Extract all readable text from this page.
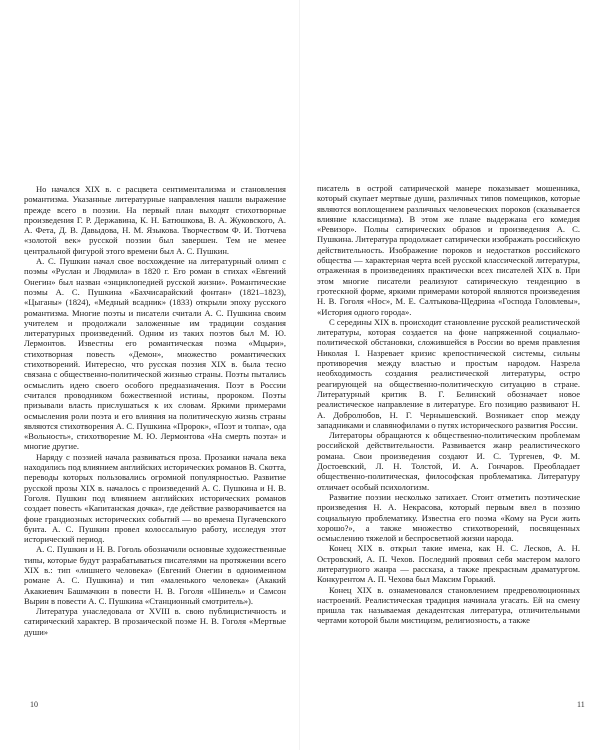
Но начался XIX в. с расцвета сентиментализма и становления романтизма. Указанные литературные направления нашли выражение прежде всего в поэзии. На первый план выходят стихотворные произведения Г. Р. Державина, К. Н. Батюшкова, В. А. Жуковского, А. А. Фета, Д. В. Давыдова, Н. М. Языкова. Творчеством Ф. И. Тютчева «золотой век» русской поэзии был завершен. Тем не менее центральной фигурой этого времени был А. С. Пушкин.

А. С. Пушкин начал свое восхождение на литературный олимп с поэмы «Руслан и Людмила» в 1820 г. Его роман в стихах «Евгений Онегин» был назван «энциклопедией русской жизни». Романтические поэмы А. С. Пушкина «Бахчисарайский фонтан» (1821–1823), «Цыганы» (1824), «Медный всадник» (1833) открыли эпоху русского романтизма. Многие поэты и писатели считали А. С. Пушкина своим учителем и продолжали заложенные им традиции создания литературных произведений. Одним из таких поэтов был М. Ю. Лермонтов. Известны его романтическая поэма «Мцыри», стихотворная повесть «Демон», множество романтических стихотворений. Интересно, что русская поэзия XIX в. была тесно связана с общественно-политической жизнью страны. Поэты пытались осмыслить идею своего особого предназначения. Поэт в России считался проводником божественной истины, пророком. Поэты призывали власть прислушаться к их словам. Яркими примерами осмысления роли поэта и его влияния на политическую жизнь страны являются стихотворения А. С. Пушкина «Пророк», «Поэт и толпа», ода «Вольность», стихотворение М. Ю. Лермонтова «На смерть поэта» и многие другие.

Наряду с поэзией начала развиваться проза. Прозаики начала века находились под влиянием английских исторических романов В. Скотта, переводы которых пользовались огромной популярностью. Развитие русской прозы XIX в. началось с произведений А. С. Пушкина и Н. В. Гоголя. Пушкин под влиянием английских исторических романов создает повесть «Капитанская дочка», где действие разворачивается на фоне грандиозных исторических событий — во времена Пугачевского бунта. А. С. Пушкин провел колоссальную работу, исследуя этот исторический период.

А. С. Пушкин и Н. В. Гоголь обозначили основные художественные типы, которые будут разрабатываться писателями на протяжении всего XIX в.: тип «лишнего человека» (Евгений Онегин в одноименном романе А. С. Пушкина) и тип «маленького человека» (Акакий Акакиевич Башмачкин в повести Н. В. Гоголя «Шинель» и Самсон Вырин в повести А. С. Пушкина «Станционный смотритель»).

Литература унаследовала от XVIII в. свою публицистичность и сатирический характер. В прозаической поэме Н. В. Гоголя «Мертвые души»

10

писатель в острой сатирической манере показывает мошенника, который скупает мертвые души, различных типов помещиков, которые являются воплощением различных человеческих пороков (сказывается влияние классицизма). В этом же плане выдержана его комедия «Ревизор». Полны сатирических образов и произведения А. С. Пушкина. Литература продолжает сатирически изображать российскую действительность. Изображение пороков и недостатков российского общества — характерная черта всей русской классической литературы, отраженная в произведениях практически всех писателей XIX в. При этом многие писатели реализуют сатирическую тенденцию в гротескной форме, яркими примерами которой являются произведения Н. В. Гоголя «Нос», М. Е. Салтыкова-Щедрина «Господа Головлевы», «История одного города».

С середины XIX в. происходит становление русской реалистической литературы, которая создается на фоне напряженной социально-политической обстановки, сложившейся в России во время правления Николая I. Назревает кризис крепостнической системы, сильны противоречия между властью и простым народом. Назрела необходимость создания реалистической литературы, остро реагирующей на общественно-политическую ситуацию в стране. Литературный критик В. Г. Белинский обозначает новое реалистическое направление в литературе. Его позицию развивают Н. А. Добролюбов, Н. Г. Чернышевский. Возникает спор между западниками и славянофилами о путях исторического развития России.

Литераторы обращаются к общественно-политическим проблемам российской действительности. Развивается жанр реалистического романа. Свои произведения создают И. С. Тургенев, Ф. М. Достоевский, Л. Н. Толстой, И. А. Гончаров. Преобладает общественно-политическая, философская проблематика. Литературу отличает особый психологизм.

Развитие поэзии несколько затихает. Стоит отметить поэтические произведения Н. А. Некрасова, который первым ввел в поэзию социальную проблематику. Известна его поэма «Кому на Руси жить хорошо?», а также множество стихотворений, посвященных осмыслению тяжелой и беспросветной жизни народа.

Конец XIX в. открыл такие имена, как Н. С. Лесков, А. Н. Островский, А. П. Чехов. Последний проявил себя мастером малого литературного жанра — рассказа, а также прекрасным драматургом. Конкурентом А. П. Чехова был Максим Горький.

Конец XIX в. ознаменовался становлением предреволюционных настроений. Реалистическая традиция начинала угасать. Ей на смену пришла так называемая декадентская литература, отличительными чертами которой были мистицизм, религиозность, а также

11
